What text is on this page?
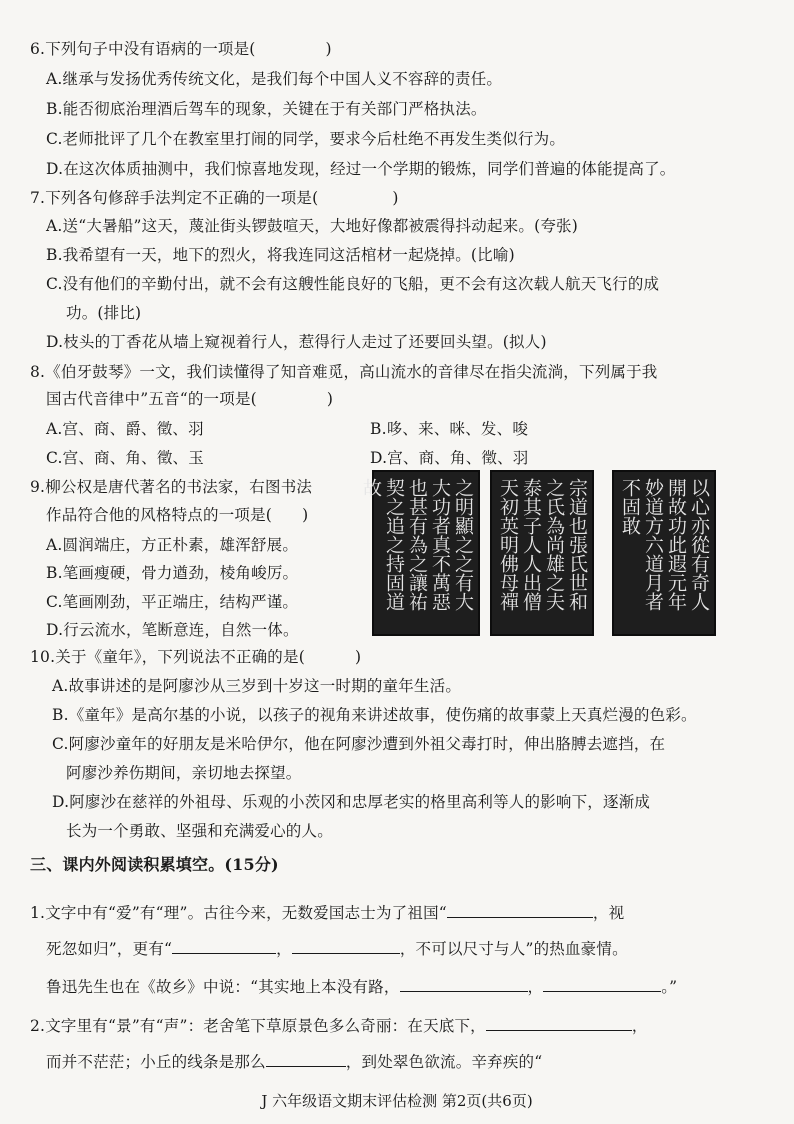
6.下列句子中没有语病的一项是(	)
A.继承与发扬优秀传统文化，是我们每个中国人义不容辞的责任。
B.能否彻底治理酒后驾车的现象，关键在于有关部门严格执法。
C.老师批评了几个在教室里打闹的同学，要求今后杜绝不再发生类似行为。
D.在这次体质抽测中，我们惊喜地发现，经过一个学期的锻炼，同学们普遍的体能提高了。
7.下列各句修辞手法判定不正确的一项是(	)
A.送“大暑船”这天，蔑沚街头锣鼓喧天，大地好像都被震得抖动起来。(夸张)
B.我希望有一天，地下的烈火，将我连同这活棺材一起烧掉。(比喻)
C.没有他们的辛勤付出，就不会有这艘性能良好的飞船，更不会有这次载人航天飞行的成
功。(排比)
D.枝头的丁香花从墙上窥视着行人，惹得行人走过了还要回头望。(拟人)
8.《伯牙鼓琴》一文，我们读懂得了知音难觅，高山流水的音律尽在指尖流淌，下列属于我
国古代音律中”五音“的一项是(	)
A.宫、商、爵、徵、羽	B.哆、来、咪、发、唆
C.宫、商、角、徵、玉	D.宫、商、角、徵、羽
9.柳公权是唐代著名的书法家，右图书法
作品符合他的风格特点的一项是( )
A.圆润端庄，方正朴素，雄浑舒展。
B.笔画瘦硬，骨力遒劲，棱角峻厉。
C.笔画刚劲，平正端庄，结构严谨。
D.行云流水，笔断意连，自然一体。
之明顯之之有大大功者真不萬惡也甚有為之讓祐契之追之持固道故	宗道也張氏世和之氏為尚雄之夫泰其子人人出僧天初英明佛母禪	以心亦從有奇人開故功此遐元年妙道方六道月者不固敢
10.关于《童年》，下列说法不正确的是(	)
A.故事讲述的是阿廖沙从三岁到十岁这一时期的童年生活。
B.《童年》是高尔基的小说，以孩子的视角来讲述故事，使伤痛的故事蒙上天真烂漫的色彩。
C.阿廖沙童年的好朋友是米哈伊尔，他在阿廖沙遭到外祖父毒打时，伸出胳膊去遮挡，在
阿廖沙养伤期间，亲切地去探望。
D.阿廖沙在慈祥的外祖母、乐观的小茨冈和忠厚老实的格里高利等人的影响下，逐渐成
长为一个勇敢、坚强和充满爱心的人。
三、课内外阅读积累填空。(15分)
1.文字中有“爱”有“理”。古往今来，无数爱国志士为了祖国“	，视
死忽如归”，更有“	，	，不可以尺寸与人”的热血豪情。
鲁迅先生也在《故乡》中说：“其实地上本没有路，	，	。”
2.文字里有“景”有“声”：老舍笔下草原景色多么奇丽：在天底下，	，
而并不茫茫；小丘的线条是那么	，到处翠色欲流。辛弃疾的“
J 六年级语文期末评估检测 第2页(共6页)
